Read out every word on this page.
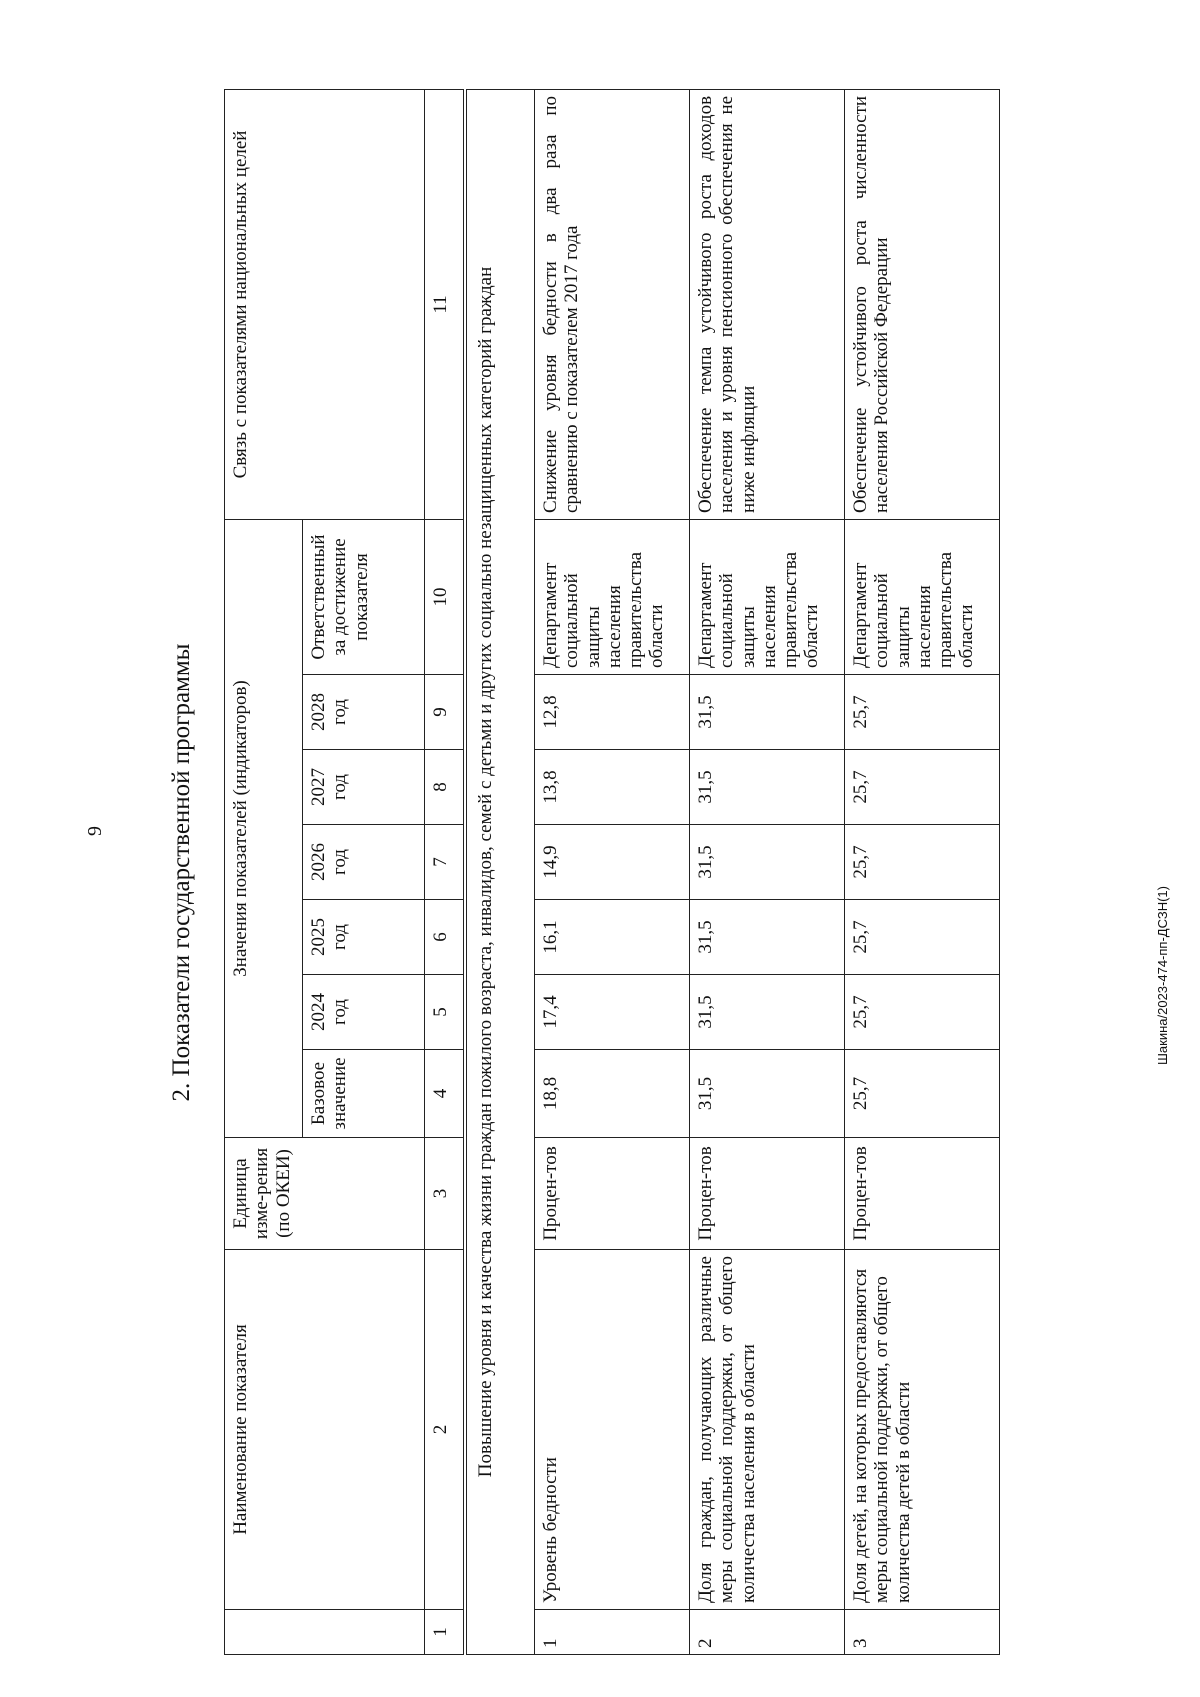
9
Шакина/2023-474-пп-ДСЗН(1)
2. Показатели государственной программы
	Наименование показателя	Единица изме-рения (по ОКЕИ)	Значения показателей (индикаторов)							Связь с показателями национальных целей
			Базовое значение	2024 год	2025 год	2026 год	2027 год	2028 год	Ответственный за достижение показателя	
1	2	3	4	5	6	7	8	9	10	11
Повышение уровня и качества жизни граждан пожилого возраста, инвалидов, семей с детьми и других социально незащищенных категорий граждан										
1	Уровень бедности	Процен-тов	18,8	17,4	16,1	14,9	13,8	12,8	Департамент социальной защиты населения правительства области	Снижение уровня бедности в два раза по сравнению с показателем 2017 года
2	Доля граждан, получающих различные меры социальной поддержки, от общего количества населения в области	Процен-тов	31,5	31,5	31,5	31,5	31,5	31,5	Департамент социальной защиты населения правительства области	Обеспечение темпа устойчивого роста доходов населения и уровня пенсионного обеспечения не ниже инфляции
3	Доля детей, на которых предоставляются меры социальной поддержки, от общего количества детей в области	Процен-тов	25,7	25,7	25,7	25,7	25,7	25,7	Департамент социальной защиты населения правительства области	Обеспечение устойчивого роста численности населения Российской Федерации
